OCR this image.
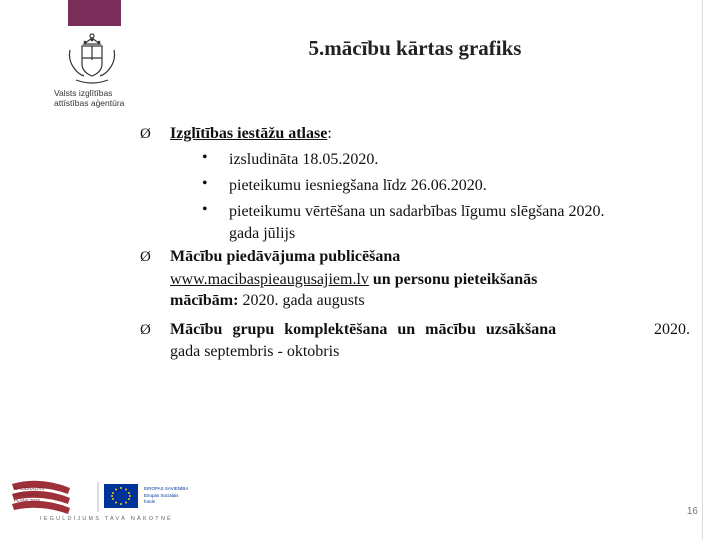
Valsts izglītības
attīstības aģentūra
5.mācību kārtas grafiks
Ø Izglītības iestāžu atlase:
• izsludināta 18.05.2020.
• pieteikumu iesniegšana līdz 26.06.2020.
• pieteikumu vērtēšana un sadarbības līgumu slēgšana 2020.
gada jūlijs
Ø Mācību piedāvājuma publicēšana
www.macibaspieaugusajiem.lv un personu pieteikšanās
mācībām: 2020. gada augusts
Ø Mācību grupu komplektēšana un mācību uzsākšana	2020.
gada septembris - oktobris
NACIONĀLAIS
ATTĪSTĪBAS
PLĀNS 2020
EIROPAS SAVIENĪBA
Eiropas Sociālais
fonds
IEGULDĪJUMS TAVĀ NĀKOTNĒ
16
